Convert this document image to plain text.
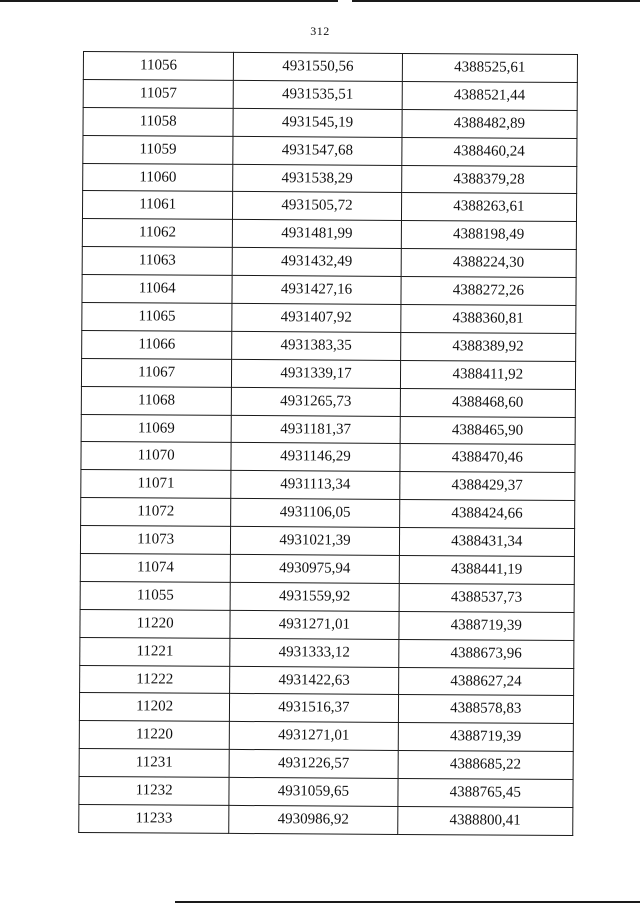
312
11056	4931550,56	4388525,61
11057	4931535,51	4388521,44
11058	4931545,19	4388482,89
11059	4931547,68	4388460,24
11060	4931538,29	4388379,28
11061	4931505,72	4388263,61
11062	4931481,99	4388198,49
11063	4931432,49	4388224,30
11064	4931427,16	4388272,26
11065	4931407,92	4388360,81
11066	4931383,35	4388389,92
11067	4931339,17	4388411,92
11068	4931265,73	4388468,60
11069	4931181,37	4388465,90
11070	4931146,29	4388470,46
11071	4931113,34	4388429,37
11072	4931106,05	4388424,66
11073	4931021,39	4388431,34
11074	4930975,94	4388441,19
11055	4931559,92	4388537,73
11220	4931271,01	4388719,39
11221	4931333,12	4388673,96
11222	4931422,63	4388627,24
11202	4931516,37	4388578,83
11220	4931271,01	4388719,39
11231	4931226,57	4388685,22
11232	4931059,65	4388765,45
11233	4930986,92	4388800,41
